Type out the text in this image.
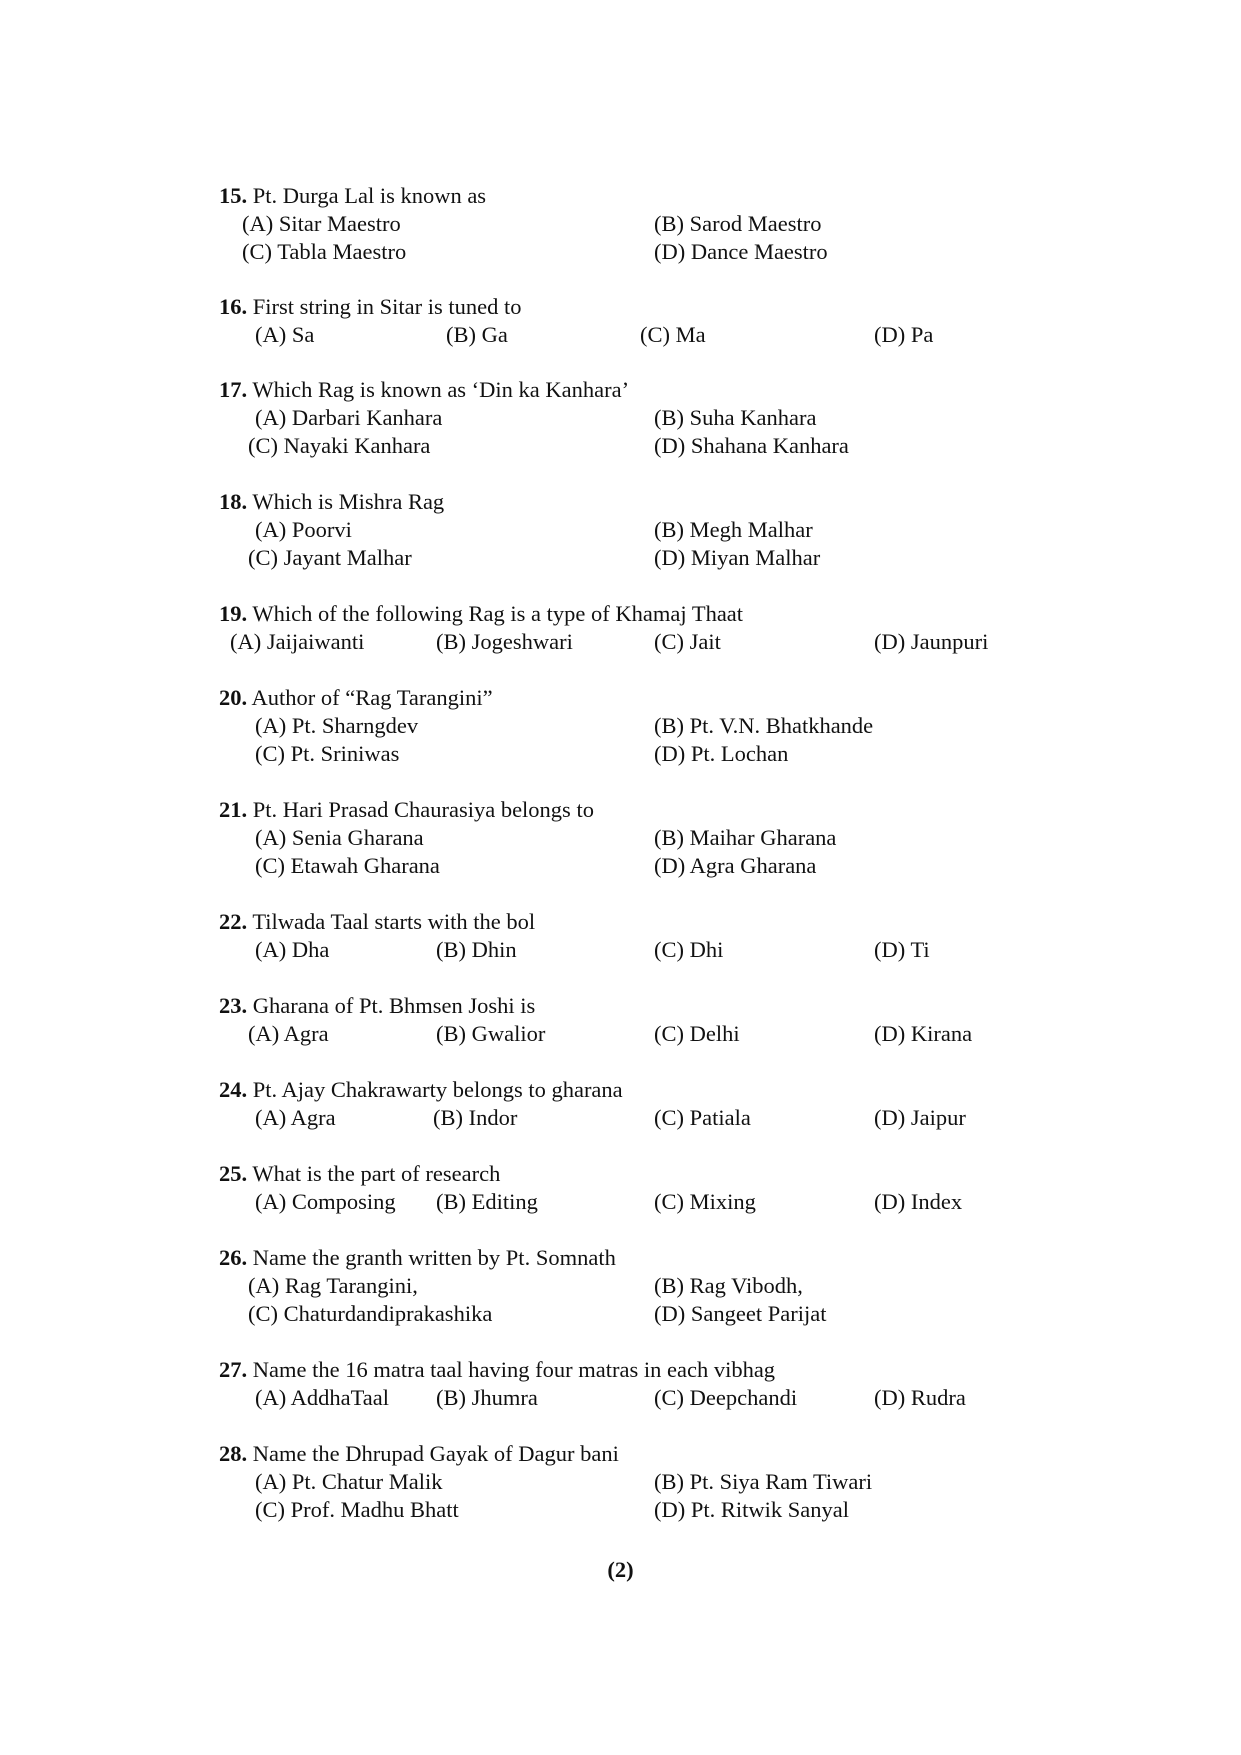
15. Pt. Durga Lal is known as
(A) Sitar Maestro	(B) Sarod Maestro
(C) Tabla Maestro	(D) Dance Maestro
16. First string in Sitar is tuned to
(A) Sa	(B) Ga	(C) Ma	(D) Pa
17. Which Rag is known as ‘Din ka Kanhara’
(A) Darbari Kanhara	(B) Suha Kanhara
(C) Nayaki Kanhara	(D) Shahana Kanhara
18. Which is Mishra Rag
(A) Poorvi	(B) Megh Malhar
(C) Jayant Malhar	(D) Miyan Malhar
19. Which of the following Rag is a type of Khamaj Thaat
(A) Jaijaiwanti	(B) Jogeshwari	(C) Jait	(D) Jaunpuri
20. Author of “Rag Tarangini”
(A) Pt. Sharngdev	(B) Pt. V.N. Bhatkhande
(C) Pt. Sriniwas	(D) Pt. Lochan
21. Pt. Hari Prasad Chaurasiya belongs to
(A) Senia Gharana	(B) Maihar Gharana
(C) Etawah Gharana	(D) Agra Gharana
22. Tilwada Taal starts with the bol
(A) Dha	(B) Dhin	(C) Dhi	(D) Ti
23. Gharana of Pt. Bhmsen Joshi is
(A) Agra	(B) Gwalior	(C) Delhi	(D) Kirana
24. Pt. Ajay Chakrawarty belongs to gharana
(A) Agra	(B) Indor	(C) Patiala	(D) Jaipur
25. What is the part of research
(A) Composing (B) Editing	(C) Mixing	(D) Index
26. Name the granth written by Pt. Somnath
(A) Rag Tarangini,	(B) Rag Vibodh,
(C) Chaturdandiprakashika	(D) Sangeet Parijat
27. Name the 16 matra taal having four matras in each vibhag
(A) AddhaTaal (B) Jhumra	(C) Deepchandi	(D) Rudra
28. Name the Dhrupad Gayak of Dagur bani
(A) Pt. Chatur Malik	(B) Pt. Siya Ram Tiwari
(C) Prof. Madhu Bhatt	(D) Pt. Ritwik Sanyal
(2)
